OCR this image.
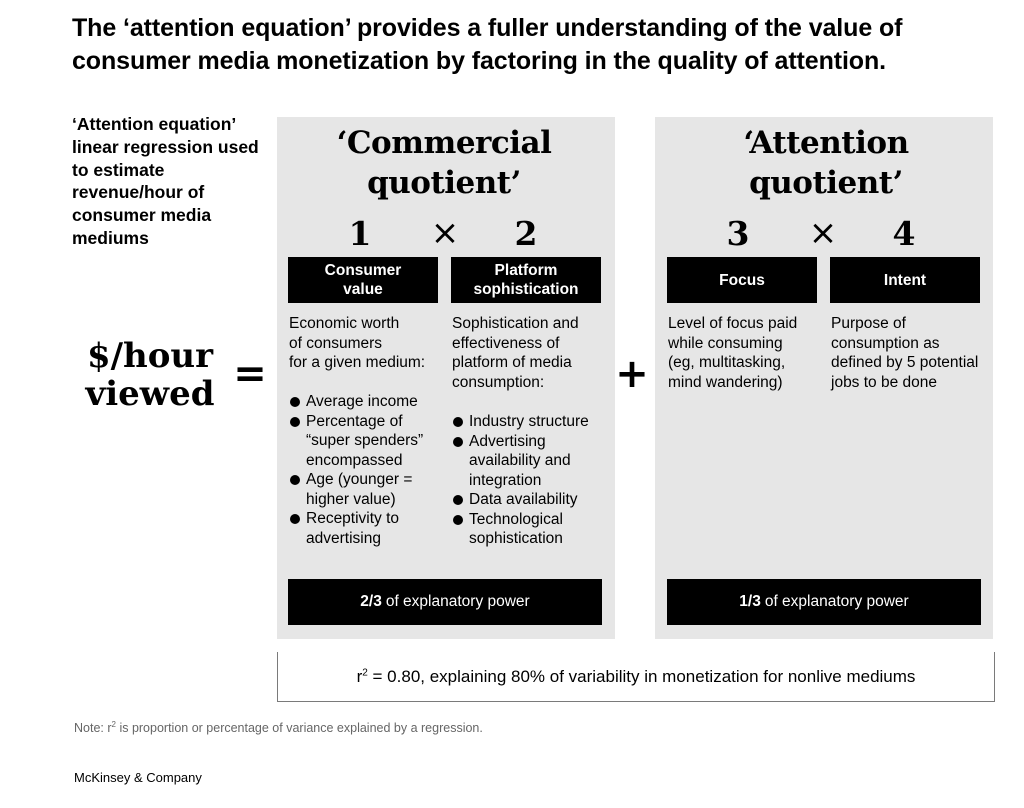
The ‘attention equation’ provides a fuller understanding of the value of consumer media monetization by factoring in the quality of attention.
‘Attention equation’ linear regression used to estimate revenue/hour of consumer media mediums
$/hour
viewed =
‘Commercial
quotient’
1 × 2
Consumer
value
Platform
sophistication
Economic worth
of consumers
for a given medium:
Average income
Percentage of
“super spenders”
encompassed
Age (younger =
higher value)
Receptivity to
advertising
Sophistication and
effectiveness of
platform of media
consumption:
Industry structure
Advertising
availability and
integration
Data availability
Technological
sophistication
2/3 of explanatory power
+
‘Attention
quotient’
3 × 4
Focus	Intent
Level of focus paid
while consuming
(eg, multitasking,
mind wandering)
Purpose of
consumption as
defined by 5 potential
jobs to be done
1/3 of explanatory power
$r^2 = 0.80$, explaining 80% of variability in monetization for nonlive mediums
Note: $r^2$ is proportion or percentage of variance explained by a regression.
McKinsey & Company
